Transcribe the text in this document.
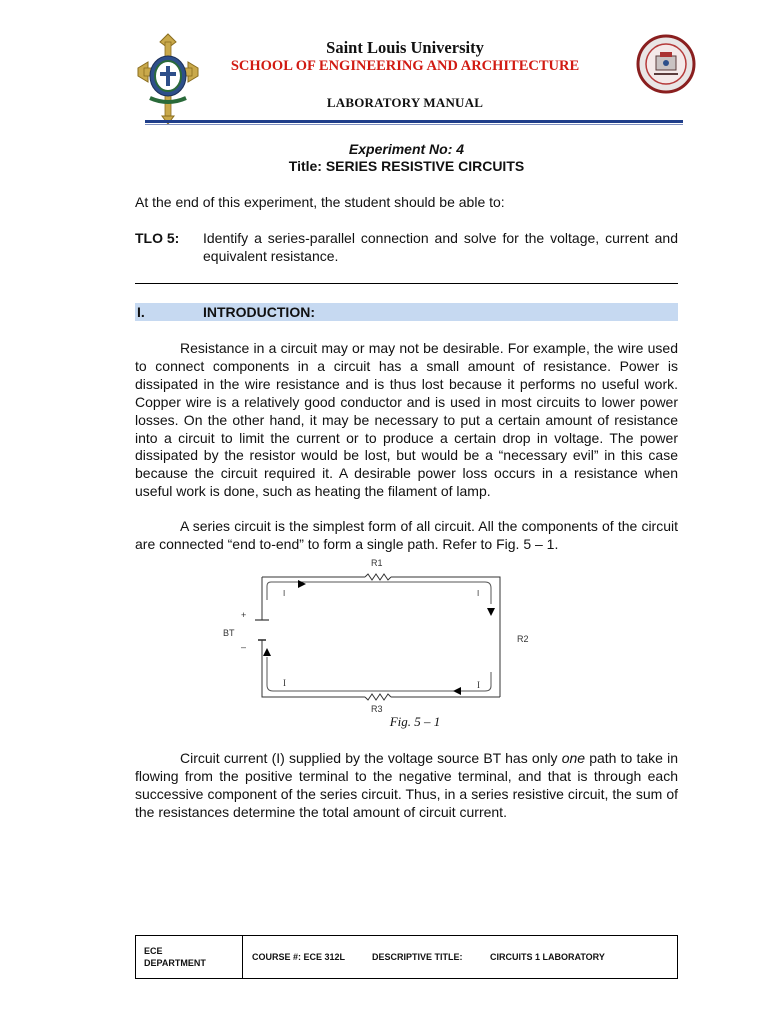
Saint Louis University
SCHOOL OF ENGINEERING AND ARCHITECTURE
LABORATORY MANUAL
Experiment No: 4
Title: SERIES RESISTIVE CIRCUITS
At the end of this experiment, the student should be able to:
TLO 5: Identify a series-parallel connection and solve for the voltage, current and equivalent resistance.
I.	INTRODUCTION:
Resistance in a circuit may or may not be desirable. For example, the wire used to connect components in a circuit has a small amount of resistance. Power is dissipated in the wire resistance and is thus lost because it performs no useful work. Copper wire is a relatively good conductor and is used in most circuits to lower power losses. On the other hand, it may be necessary to put a certain amount of resistance into a circuit to limit the current or to produce a certain drop in voltage. The power dissipated by the resistor would be lost, but would be a “necessary evil” in this case because the circuit required it. A desirable power loss occurs in a resistance when useful work is done, such as heating the filament of lamp.
A series circuit is the simplest form of all circuit. All the components of the circuit are connected “end to-end” to form a single path. Refer to Fig. 5 – 1.
R1
R2
R3
BT
+
–
I	I
I
I
Fig. 5 – 1
Circuit current (I) supplied by the voltage source BT has only one path to take in flowing from the positive terminal to the negative terminal, and that is through each successive component of the series circuit. Thus, in a series resistive circuit, the sum of the resistances determine the total amount of circuit current.
ECE
DEPARTMENT
COURSE #: ECE 312L	DESCRIPTIVE TITLE:	CIRCUITS 1 LABORATORY
